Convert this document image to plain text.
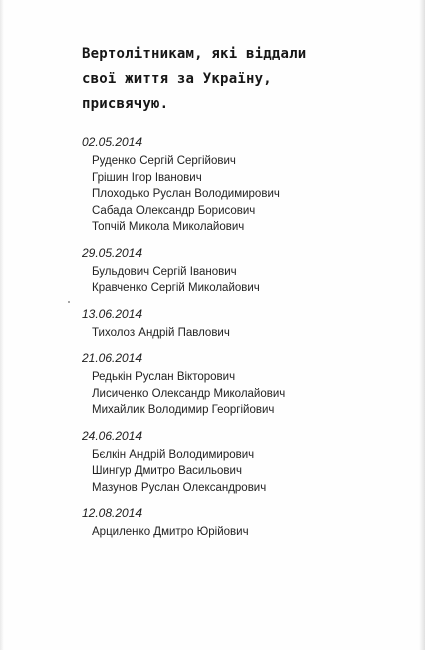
Вертолітникам, які віддали
свої життя за Україну,
присвячую.
02.05.2014
Руденко Сергій Сергійович
Грішин Ігор Іванович
Плоходько Руслан Володимирович
Сабада Олександр Борисович
Топчій Микола Миколайович
29.05.2014
Бульдович Сергій Іванович
Кравченко Сергій Миколайович
13.06.2014
Тихолоз Андрій Павлович
21.06.2014
Редькін Руслан Вікторович
Лисиченко Олександр Миколайович
Михайлик Володимир Георгійович
24.06.2014
Бєлкін Андрій Володимирович
Шингур Дмитро Васильович
Мазунов Руслан Олександрович
12.08.2014
Арциленко Дмитро Юрійович
